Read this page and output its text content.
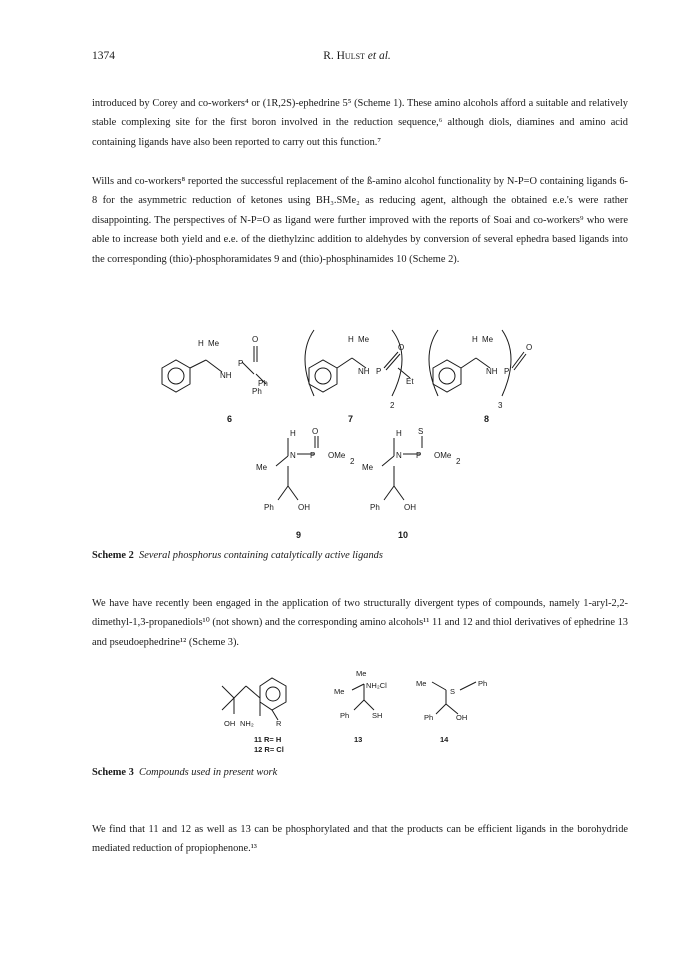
1374	R. Hulst et al.

introduced by Corey and co-workers⁴ or (1R,2S)-ephedrine 5⁵ (Scheme 1). These amino alcohols afford a suitable and relatively stable complexing site for the first boron involved in the reduction sequence,⁶ although diols, diamines and amino acid containing ligands have also been reported to carry out this function.⁷

Wills and co-workers⁸ reported the successful replacement of the ß-amino alcohol functionality by N-P=O containing ligands 6-8 for the asymmetric reduction of ketones using BH₃.SMe₂ as reducing agent, although the obtained e.e.'s were rather disappointing. The perspectives of N-P=O as ligand were further improved with the reports of Soai and co-workers⁹ who were able to increase both yield and e.e. of the diethylzinc addition to aldehydes by conversion of several ephedra based ligands into the corresponding (thio)-phosphoramidates 9 and (thio)-phosphinamides 10 (Scheme 2).

H Me
NH
P
O
Ph
Ph
H Me
NH P
O
Et
2
H Me
NH P
O
3
H O
Me
N P OMe
2
Ph	OH
H S
Me
N P OMe
2
Ph	OH
6	7	8
9	10
Scheme 2 Several phosphorus containing catalytically active ligands

We have have recently been engaged in the application of two structurally divergent types of compounds, namely 1-aryl-2,2-dimethyl-1,3-propanediols¹⁰ (not shown) and the corresponding amino alcohols¹¹ 11 and 12 and thiol derivatives of ephedrine 13 and pseudoephedrine¹² (Scheme 3).

OH NH₂	R
Me
Me
NH₂Cl
Ph	SH
Me
S
Ph
Ph	OH
11 R= H
12 R= Cl
13	14
Scheme 3 Compounds used in present work

We find that 11 and 12 as well as 13 can be phosphorylated and that the products can be efficient ligands in the borohydride mediated reduction of propiophenone.¹³
